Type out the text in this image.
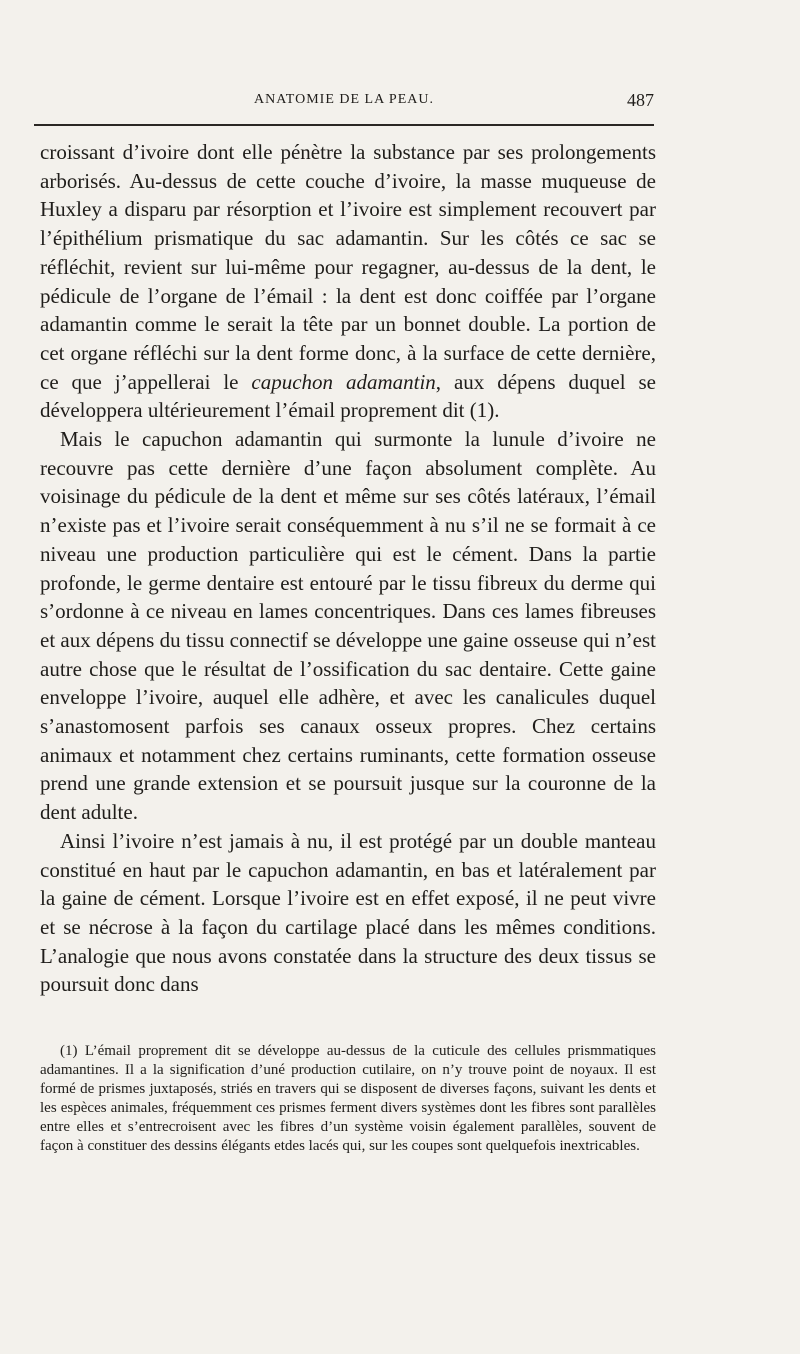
ANATOMIE DE LA PEAU.	487

croissant d’ivoire dont elle pénètre la substance par ses prolongements arborisés. Au-dessus de cette couche d’ivoire, la masse muqueuse de Huxley a disparu par résorption et l’ivoire est simplement recouvert par l’épithélium prismatique du sac adamantin. Sur les côtés ce sac se réfléchit, revient sur lui-même pour regagner, au-dessus de la dent, le pédicule de l’organe de l’émail : la dent est donc coiffée par l’organe adamantin comme le serait la tête par un bonnet double. La portion de cet organe réfléchi sur la dent forme donc, à la surface de cette dernière, ce que j’appellerai le capuchon adamantin, aux dépens duquel se développera ultérieurement l’émail proprement dit (1).

Mais le capuchon adamantin qui surmonte la lunule d’ivoire ne recouvre pas cette dernière d’une façon absolument complète. Au voisinage du pédicule de la dent et même sur ses côtés latéraux, l’émail n’existe pas et l’ivoire serait conséquemment à nu s’il ne se formait à ce niveau une production particulière qui est le cément. Dans la partie profonde, le germe dentaire est entouré par le tissu fibreux du derme qui s’ordonne à ce niveau en lames concentriques. Dans ces lames fibreuses et aux dépens du tissu connectif se développe une gaine osseuse qui n’est autre chose que le résultat de l’ossification du sac dentaire. Cette gaine enveloppe l’ivoire, auquel elle adhère, et avec les canalicules duquel s’anastomosent parfois ses canaux osseux propres. Chez certains animaux et notamment chez certains ruminants, cette formation osseuse prend une grande extension et se poursuit jusque sur la couronne de la dent adulte.

Ainsi l’ivoire n’est jamais à nu, il est protégé par un double manteau constitué en haut par le capuchon adamantin, en bas et latéralement par la gaine de cément. Lorsque l’ivoire est en effet exposé, il ne peut vivre et se nécrose à la façon du cartilage placé dans les mêmes conditions. L’analogie que nous avons constatée dans la structure des deux tissus se poursuit donc dans

(1) L’émail proprement dit se développe au-dessus de la cuticule des cellules prismmatiques adamantines. Il a la signification d’uné production cutilaire, on n’y trouve point de noyaux. Il est formé de prismes juxtaposés, striés en travers qui se disposent de diverses façons, suivant les dents et les espèces animales, fréquemment ces prismes ferment divers systèmes dont les fibres sont parallèles entre elles et s’entrecroisent avec les fibres d’un système voisin également parallèles, souvent de façon à constituer des dessins élégants etdes lacés qui, sur les coupes sont quelquefois inextricables.
